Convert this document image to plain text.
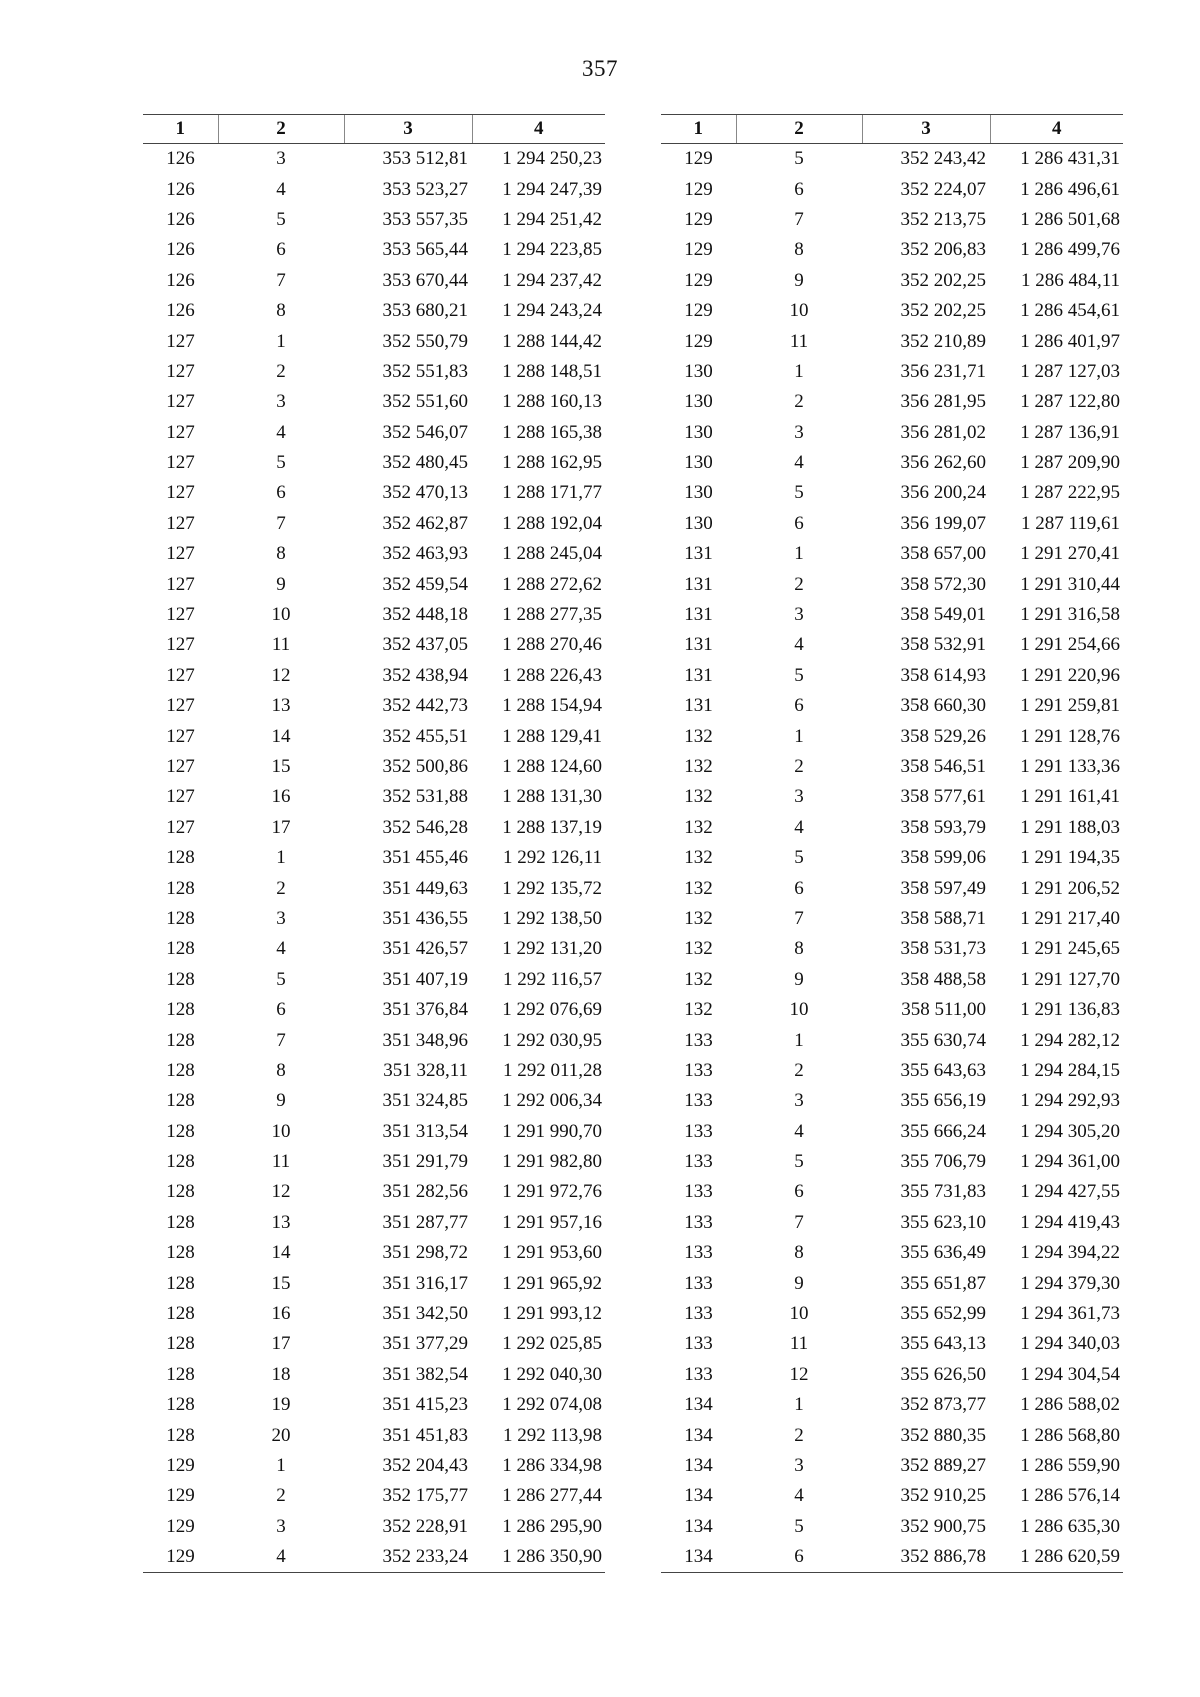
357
1	2	3	4
126	3	353 512,81	1 294 250,23
126	4	353 523,27	1 294 247,39
126	5	353 557,35	1 294 251,42
126	6	353 565,44	1 294 223,85
126	7	353 670,44	1 294 237,42
126	8	353 680,21	1 294 243,24
127	1	352 550,79	1 288 144,42
127	2	352 551,83	1 288 148,51
127	3	352 551,60	1 288 160,13
127	4	352 546,07	1 288 165,38
127	5	352 480,45	1 288 162,95
127	6	352 470,13	1 288 171,77
127	7	352 462,87	1 288 192,04
127	8	352 463,93	1 288 245,04
127	9	352 459,54	1 288 272,62
127	10	352 448,18	1 288 277,35
127	11	352 437,05	1 288 270,46
127	12	352 438,94	1 288 226,43
127	13	352 442,73	1 288 154,94
127	14	352 455,51	1 288 129,41
127	15	352 500,86	1 288 124,60
127	16	352 531,88	1 288 131,30
127	17	352 546,28	1 288 137,19
128	1	351 455,46	1 292 126,11
128	2	351 449,63	1 292 135,72
128	3	351 436,55	1 292 138,50
128	4	351 426,57	1 292 131,20
128	5	351 407,19	1 292 116,57
128	6	351 376,84	1 292 076,69
128	7	351 348,96	1 292 030,95
128	8	351 328,11	1 292 011,28
128	9	351 324,85	1 292 006,34
128	10	351 313,54	1 291 990,70
128	11	351 291,79	1 291 982,80
128	12	351 282,56	1 291 972,76
128	13	351 287,77	1 291 957,16
128	14	351 298,72	1 291 953,60
128	15	351 316,17	1 291 965,92
128	16	351 342,50	1 291 993,12
128	17	351 377,29	1 292 025,85
128	18	351 382,54	1 292 040,30
128	19	351 415,23	1 292 074,08
128	20	351 451,83	1 292 113,98
129	1	352 204,43	1 286 334,98
129	2	352 175,77	1 286 277,44
129	3	352 228,91	1 286 295,90
129	4	352 233,24	1 286 350,90
1	2	3	4
129	5	352 243,42	1 286 431,31
129	6	352 224,07	1 286 496,61
129	7	352 213,75	1 286 501,68
129	8	352 206,83	1 286 499,76
129	9	352 202,25	1 286 484,11
129	10	352 202,25	1 286 454,61
129	11	352 210,89	1 286 401,97
130	1	356 231,71	1 287 127,03
130	2	356 281,95	1 287 122,80
130	3	356 281,02	1 287 136,91
130	4	356 262,60	1 287 209,90
130	5	356 200,24	1 287 222,95
130	6	356 199,07	1 287 119,61
131	1	358 657,00	1 291 270,41
131	2	358 572,30	1 291 310,44
131	3	358 549,01	1 291 316,58
131	4	358 532,91	1 291 254,66
131	5	358 614,93	1 291 220,96
131	6	358 660,30	1 291 259,81
132	1	358 529,26	1 291 128,76
132	2	358 546,51	1 291 133,36
132	3	358 577,61	1 291 161,41
132	4	358 593,79	1 291 188,03
132	5	358 599,06	1 291 194,35
132	6	358 597,49	1 291 206,52
132	7	358 588,71	1 291 217,40
132	8	358 531,73	1 291 245,65
132	9	358 488,58	1 291 127,70
132	10	358 511,00	1 291 136,83
133	1	355 630,74	1 294 282,12
133	2	355 643,63	1 294 284,15
133	3	355 656,19	1 294 292,93
133	4	355 666,24	1 294 305,20
133	5	355 706,79	1 294 361,00
133	6	355 731,83	1 294 427,55
133	7	355 623,10	1 294 419,43
133	8	355 636,49	1 294 394,22
133	9	355 651,87	1 294 379,30
133	10	355 652,99	1 294 361,73
133	11	355 643,13	1 294 340,03
133	12	355 626,50	1 294 304,54
134	1	352 873,77	1 286 588,02
134	2	352 880,35	1 286 568,80
134	3	352 889,27	1 286 559,90
134	4	352 910,25	1 286 576,14
134	5	352 900,75	1 286 635,30
134	6	352 886,78	1 286 620,59
